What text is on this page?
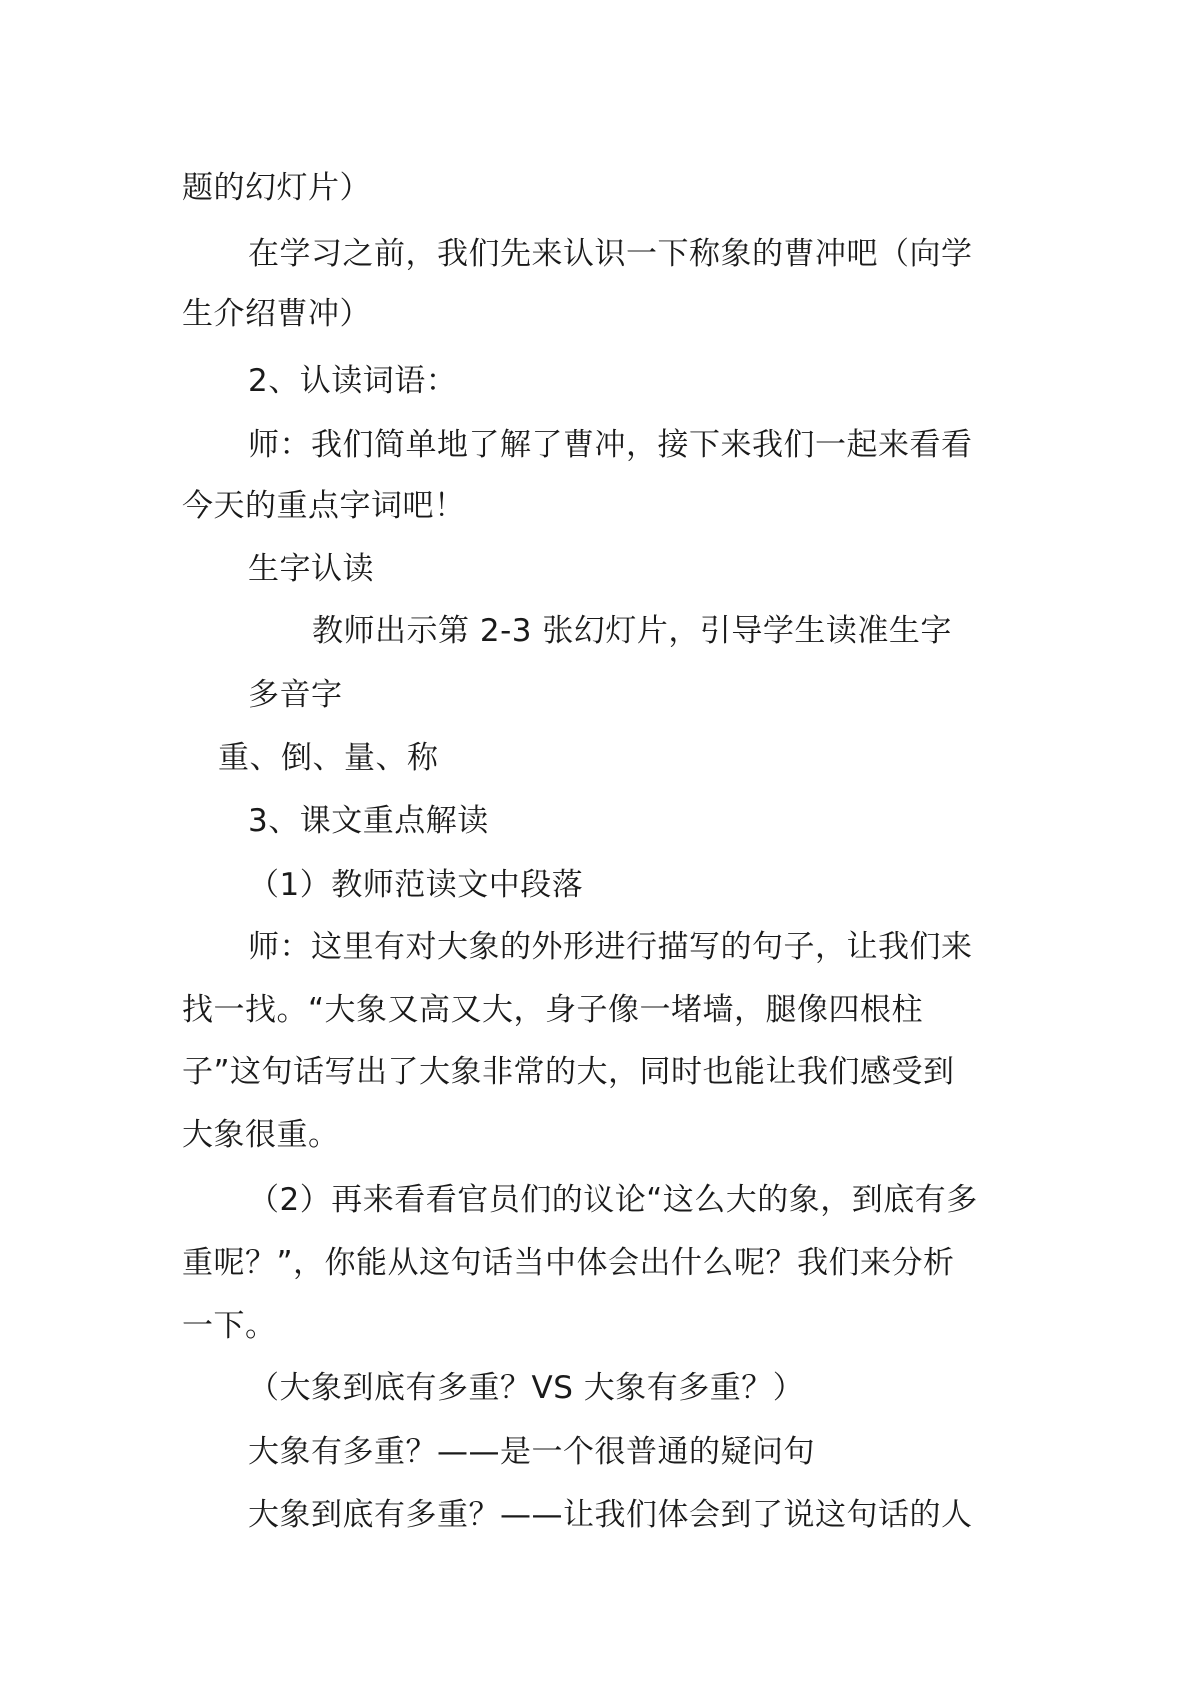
题的幻灯片）
在学习之前，我们先来认识一下称象的曹冲吧（向学
生介绍曹冲）
2、认读词语：
师：我们简单地了解了曹冲，接下来我们一起来看看
今天的重点字词吧！
生字认读
教师出示第 2-3 张幻灯片，引导学生读准生字
多音字
重、倒、量、称
3、课文重点解读
（1）教师范读文中段落
师：这里有对大象的外形进行描写的句子，让我们来
找一找。“大象又高又大，身子像一堵墙，腿像四根柱
子”这句话写出了大象非常的大，同时也能让我们感受到
大象很重。
（2）再来看看官员们的议论“这么大的象，到底有多
重呢？”，你能从这句话当中体会出什么呢？我们来分析
一下。
（大象到底有多重？VS 大象有多重？）
大象有多重？——是一个很普通的疑问句
大象到底有多重？——让我们体会到了说这句话的人
